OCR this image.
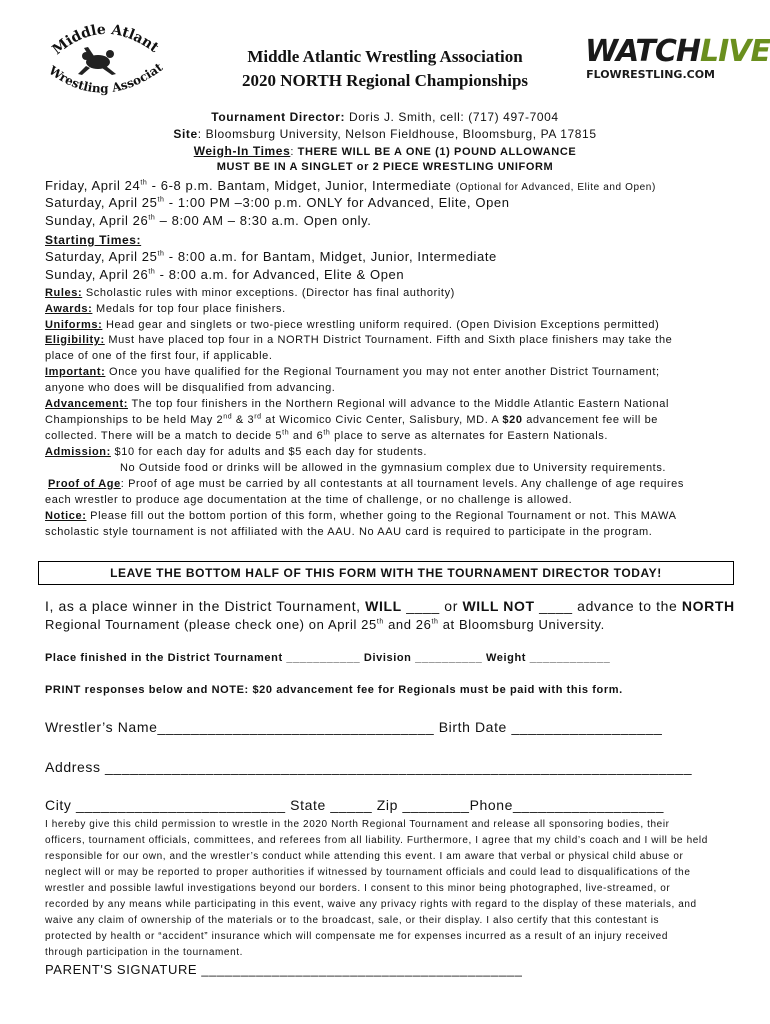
Middle Atlant
Wrestling Associat	WATCHLIVE
FLOWRESTLING.COM
Middle Atlantic Wrestling Association
2020 NORTH Regional Championships
Tournament Director: Doris J. Smith, cell: (717) 497-7004
Site: Bloomsburg University, Nelson Fieldhouse, Bloomsburg, PA 17815
Weigh-In Times: THERE WILL BE A ONE (1) POUND ALLOWANCE
MUST BE IN A SINGLET or 2 PIECE WRESTLING UNIFORM
Friday, April 24th - 6-8 p.m. Bantam, Midget, Junior, Intermediate (Optional for Advanced, Elite and Open)
Saturday, April 25th - 1:00 PM –3:00 p.m. ONLY for Advanced, Elite, Open
Sunday, April 26th – 8:00 AM – 8:30 a.m. Open only.
Starting Times:
Saturday, April 25th - 8:00 a.m. for Bantam, Midget, Junior, Intermediate
Sunday, April 26th - 8:00 a.m. for Advanced, Elite & Open
Rules: Scholastic rules with minor exceptions. (Director has final authority)
Awards: Medals for top four place finishers.
Uniforms: Head gear and singlets or two-piece wrestling uniform required. (Open Division Exceptions permitted)
Eligibility: Must have placed top four in a NORTH District Tournament. Fifth and Sixth place finishers may take the
place of one of the first four, if applicable.
Important: Once you have qualified for the Regional Tournament you may not enter another District Tournament;
anyone who does will be disqualified from advancing.
Advancement: The top four finishers in the Northern Regional will advance to the Middle Atlantic Eastern National
Championships to be held May 2nd & 3rd at Wicomico Civic Center, Salisbury, MD. A $20 advancement fee will be
collected. There will be a match to decide 5th and 6th place to serve as alternates for Eastern Nationals.
Admission: $10 for each day for adults and $5 each day for students.
No Outside food or drinks will be allowed in the gymnasium complex due to University requirements.
Proof of Age: Proof of age must be carried by all contestants at all tournament levels. Any challenge of age requires
each wrestler to produce age documentation at the time of challenge, or no challenge is allowed.
Notice: Please fill out the bottom portion of this form, whether going to the Regional Tournament or not. This MAWA
scholastic style tournament is not affiliated with the AAU. No AAU card is required to participate in the program.
LEAVE THE BOTTOM HALF OF THIS FORM WITH THE TOURNAMENT DIRECTOR TODAY!
I, as a place winner in the District Tournament, WILL ____ or WILL NOT ____ advance to the NORTH
Regional Tournament (please check one) on April 25th and 26th at Bloomsburg University.
Place finished in the District Tournament ___________ Division __________ Weight ____________
PRINT responses below and NOTE: $20 advancement fee for Regionals must be paid with this form.
Wrestler’s Name_________________________________ Birth Date __________________
Address ______________________________________________________________________
City _________________________ State _____ Zip ________Phone__________________
I hereby give this child permission to wrestle in the 2020 North Regional Tournament and release all sponsoring bodies, their
officers, tournament officials, committees, and referees from all liability. Furthermore, I agree that my child’s coach and I will be held
responsible for our own, and the wrestler’s conduct while attending this event. I am aware that verbal or physical child abuse or
neglect will or may be reported to proper authorities if witnessed by tournament officials and could lead to disqualifications of the
wrestler and possible lawful investigations beyond our borders. I consent to this minor being photographed, live-streamed, or
recorded by any means while participating in this event, waive any privacy rights with regard to the display of these materials, and
waive any claim of ownership of the materials or to the broadcast, sale, or their display. I also certify that this contestant is
protected by health or “accident” insurance which will compensate me for expenses incurred as a result of an injury received
through participation in the tournament.
PARENT'S SIGNATURE _________________________________________
